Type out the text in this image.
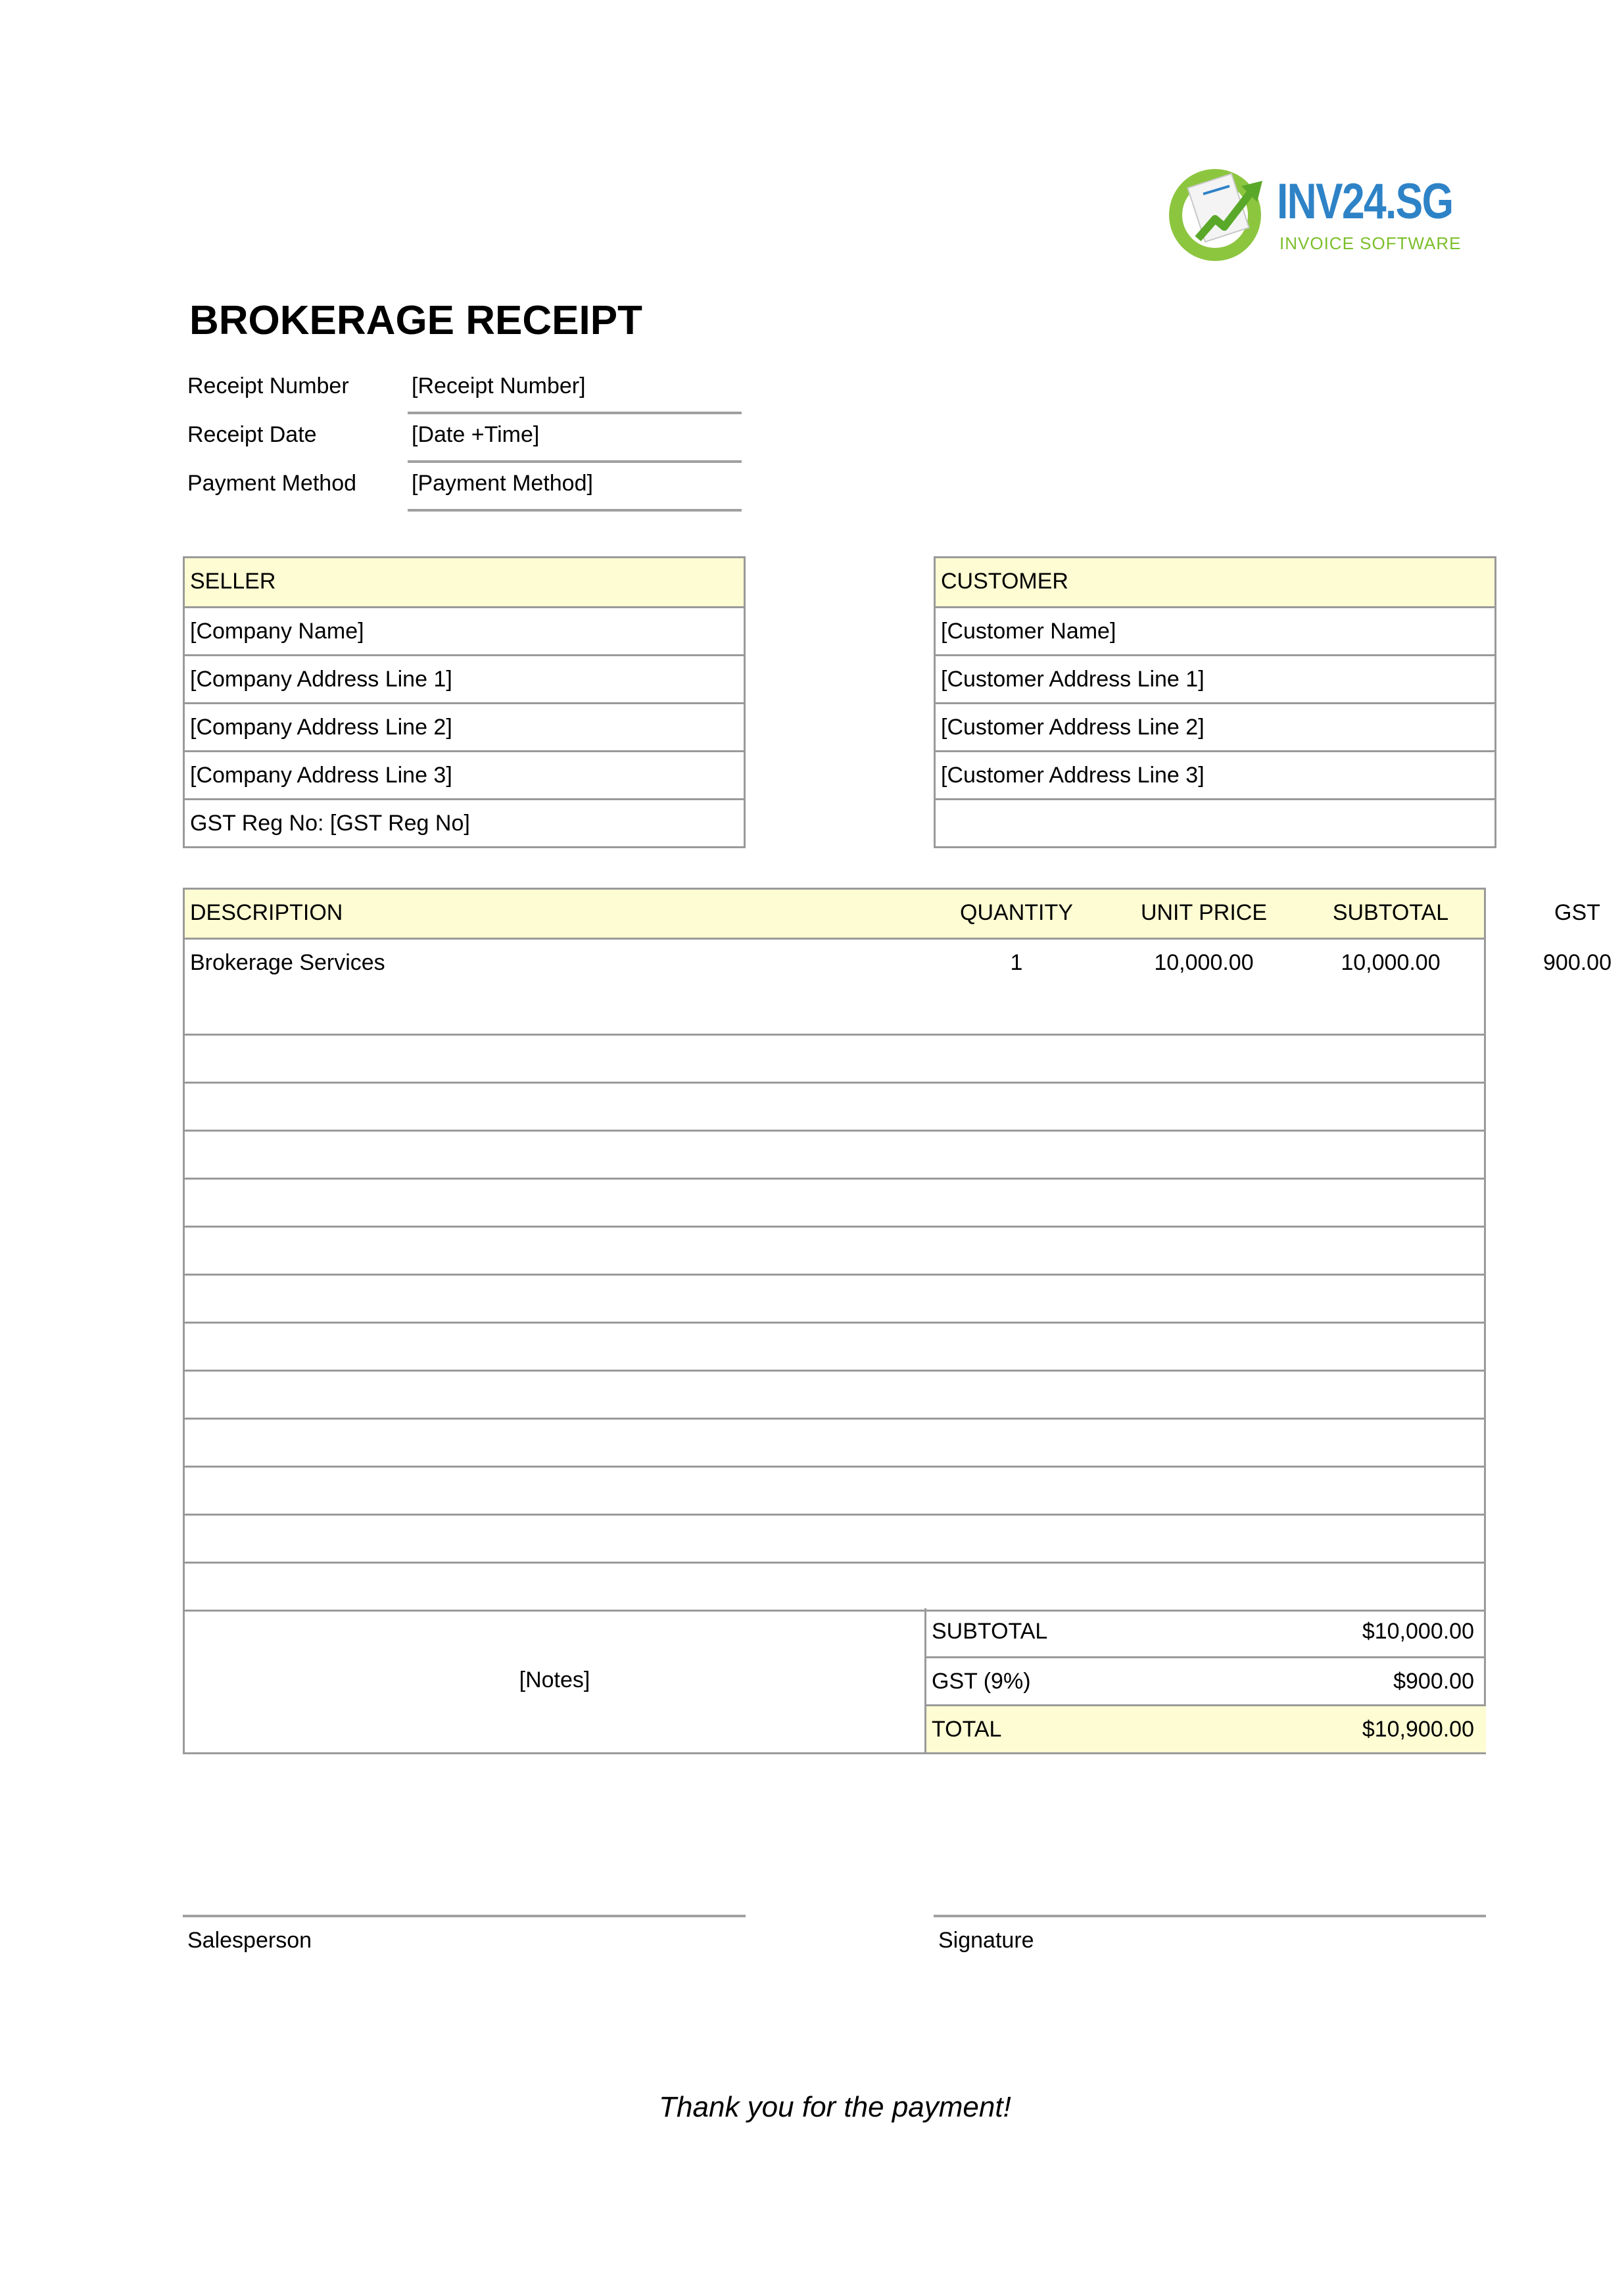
INV24.SG
INVOICE SOFTWARE
BROKERAGE RECEIPT
Receipt Number	[Receipt Number]
Receipt Date	[Date +Time]
Payment Method [Payment Method]
SELLER
[Company Name]
[Company Address Line 1]
[Company Address Line 2]
[Company Address Line 3]
GST Reg No: [GST Reg No]
CUSTOMER
[Customer Name]
[Customer Address Line 1]
[Customer Address Line 2]
[Customer Address Line 3]
DESCRIPTION	QUANTITY	UNIT PRICE	SUBTOTAL	GST
Brokerage Services	1	10,000.00	10,000.00	900.00
[Notes]
SUBTOTAL	$10,000.00
GST (9%)	$900.00
TOTAL	$10,900.00
Salesperson	Signature
Thank you for the payment!
